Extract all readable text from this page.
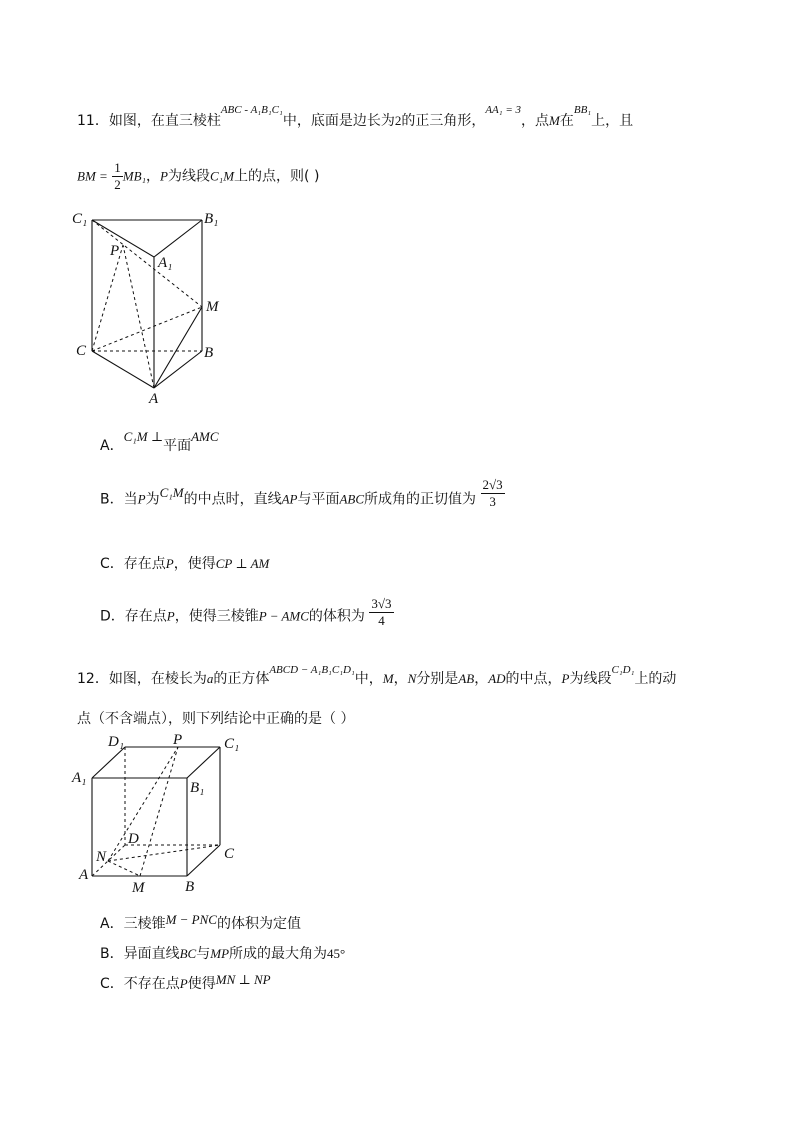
11．如图，在直三棱柱$^{ABC - A_1B_1C_1}$中，底面是边长为2的正三角形，$^{AA_1 = 3}$，点M在$^{BB_1}$上，且
BM = $\frac{1}{2} MB_1$，P为线段C₁M上的点，则( )
C₁	B₁
P
A₁
M
C	B
A
A．C₁M ⊥平面AMC
B．当P为C₁M的中点时，直线AP与平面ABC所成角的正切值为 $\frac{2√3}{3}$
C．存在点P，使得CP ⊥ AM
D．存在点P，使得三棱锥P − AMC的体积为 $\frac{3√3}{4}$
12．如图，在棱长为a的正方体$^{ABCD - A_1B_1C_1D_1}$中，M，N分别是AB，AD的中点，P为线段$^{C_1D_1}$上的动
点（不含端点），则下列结论中正确的是（ ）
D₁	P	C₁
A₁
B₁
D
C
N
A
M	B
A．三棱锥M − PNC的体积为定值
B．异面直线BC与MP所成的最大角为45°
C．不存在点P使得MN ⊥ NP
